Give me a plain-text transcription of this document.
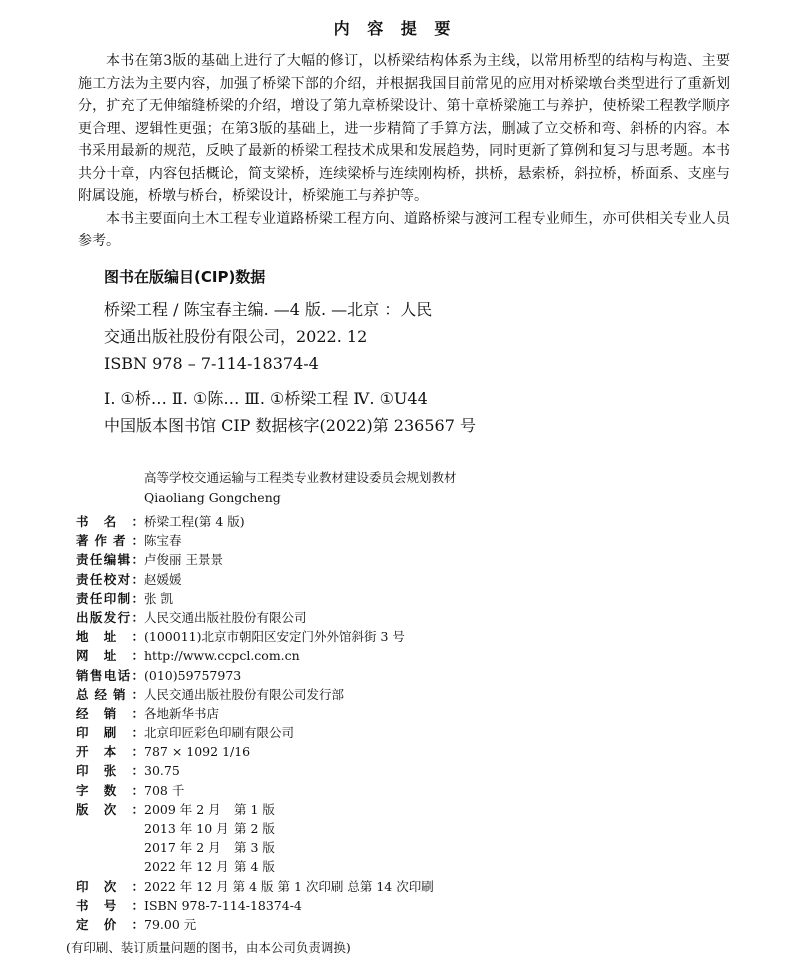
内 容 提 要

本书在第3版的基础上进行了大幅的修订，以桥梁结构体系为主线，以常用桥型的结构与构造、主要施工方法为主要内容，加强了桥梁下部的介绍，并根据我国目前常见的应用对桥梁墩台类型进行了重新划分，扩充了无伸缩缝桥梁的介绍，增设了第九章桥梁设计、第十章桥梁施工与养护，使桥梁工程教学顺序更合理、逻辑性更强；在第3版的基础上，进一步精简了手算方法，删减了立交桥和弯、斜桥的内容。本书采用最新的规范，反映了最新的桥梁工程技术成果和发展趋势，同时更新了算例和复习与思考题。本书共分十章，内容包括概论，简支梁桥，连续梁桥与连续刚构桥，拱桥，悬索桥，斜拉桥，桥面系、支座与附属设施，桥墩与桥台，桥梁设计，桥梁施工与养护等。

本书主要面向土木工程专业道路桥梁工程方向、道路桥梁与渡河工程专业师生，亦可供相关专业人员参考。

图书在版编目(CIP)数据
桥梁工程 / 陈宝春主编. —4 版. —北京 ：人民
交通出版社股份有限公司，2022. 12
ISBN 978 – 7-114-18374-4
Ⅰ. ①桥… Ⅱ. ①陈… Ⅲ. ①桥梁工程 Ⅳ. ①U44
中国版本图书馆 CIP 数据核字(2022)第 236567 号
高等学校交通运输与工程类专业教材建设委员会规划教材
Qiaoliang Gongcheng
书 名 ： 桥梁工程(第 4 版)
著 作 者 ： 陈宝春
责 任 编 辑 ： 卢俊丽 王景景
责 任 校 对 ： 赵媛媛
责 任 印 制 ： 张 凯
出 版 发 行 ： 人民交通出版社股份有限公司
地 址 ： (100011)北京市朝阳区安定门外外馆斜街 3 号
网 址 ： http://www.ccpcl.com.cn
销 售 电 话 ： (010)59757973
总 经 销 ： 人民交通出版社股份有限公司发行部
经 销 ： 各地新华书店
印 刷 ： 北京印匠彩色印刷有限公司
开 本 ： 787 × 1092 1/16
印 张 ： 30.75
字 数 ： 708 千
版 次 ： 2009 年 2 月 第 1 版
2013 年 10 月 第 2 版
2017 年 2 月 第 3 版
2022 年 12 月 第 4 版
印 次 ： 2022 年 12 月 第 4 版 第 1 次印刷 总第 14 次印刷
书 号 ： ISBN 978-7-114-18374-4
定 价 ： 79.00 元
(有印刷、装订质量问题的图书，由本公司负责调换)
